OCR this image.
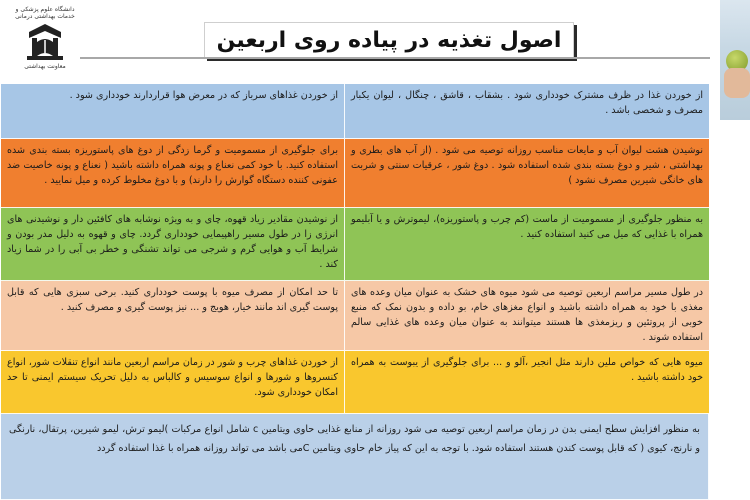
دانشگاه علوم پزشکی و خدمات بهداشتی درمانی
معاونت بهداشتی
اصول تغذیه در پیاده روی اربعین
از خوردن غذاهای سرباز که در معرض هوا قراردارند خودداری شود .	از خوردن غذا در ظرف مشترک خودداری شود . بشقاب ، قاشق ، چنگال ، لیوان یکبار مصرف و شخصی باشد .
برای جلوگیری از مسمومیت و گرما زدگی از دوغ های پاستوریزه بسته بندی شده استفاده کنید. با خود کمی نعناع و پونه همراه داشته باشید ( نعناع و پونه خاصیت ضد عفونی کننده دستگاه گوارش را دارند) و با دوغ مخلوط کرده و میل نمایید .
نوشیدن هشت لیوان آب و مایعات مناسب روزانه توصیه می شود . (از آب های بطری و بهداشتی ، شیر و دوغ بسته بندی شده استفاده شود . دوغ شور ، عرقیات سنتی و شربت های خانگی شیرین مصرف نشود )
از نوشیدن مقادیر زیاد قهوه، چای و به ویژه نوشابه های کافئین دار و نوشیدنی های انرژی زا در طول مسیر راهپیمایی خودداری گردد. چای و قهوه به دلیل مدر بودن و شرایط آب و هوایی گرم و شرجی می تواند تشنگی و خطر بی آبی را در شما زیاد کند .
به منظور جلوگیری از مسمومیت از ماست (کم چرب و پاستوریزه)، لیموترش و یا آبلیمو همراه با غذایی که میل می کنید استفاده کنید .
تا حد امکان از مصرف میوه با پوست خودداری کنید. برخی سبزی هایی که قابل پوست گیری اند مانند خیار، هویج و ... نیز پوست گیری و مصرف کنید .
در طول مسیر مراسم اربعین توصیه می شود میوه های خشک به عنوان میان وعده های مغذی با خود به همراه داشته باشید و انواع مغزهای خام، بو داده و بدون نمک که منبع خوبی از پروتئین و ریزمغذی ها هستند میتوانند به عنوان میان وعده های غذایی سالم استفاده شوند .
از خوردن غذاهای چرب و شور در زمان مراسم اربعین مانند انواع تنقلات شور، انواع کنسروها و شورها و انواع سوسیس و کالباس به دلیل تحریک سیستم ایمنی تا حد امکان خودداری شود.
میوه هایی که خواص ملین دارند مثل انجیر ،آلو و ... برای جلوگیری از یبوست به همراه خود داشته باشید .
به منظور افزایش سطح ایمنی بدن در زمان مراسم اربعین توصیه می شود روزانه از منابع غذایی حاوی ویتامین c شامل انواع مرکبات )لیمو ترش، لیمو شیرین، پرتقال، نارنگی و نارنج، کیوی ( که قابل پوست کندن هستند استفاده شود. با توجه به این که پیاز خام حاوی ویتامین Cمی باشد می تواند روزانه همراه با غذا استفاده گردد
